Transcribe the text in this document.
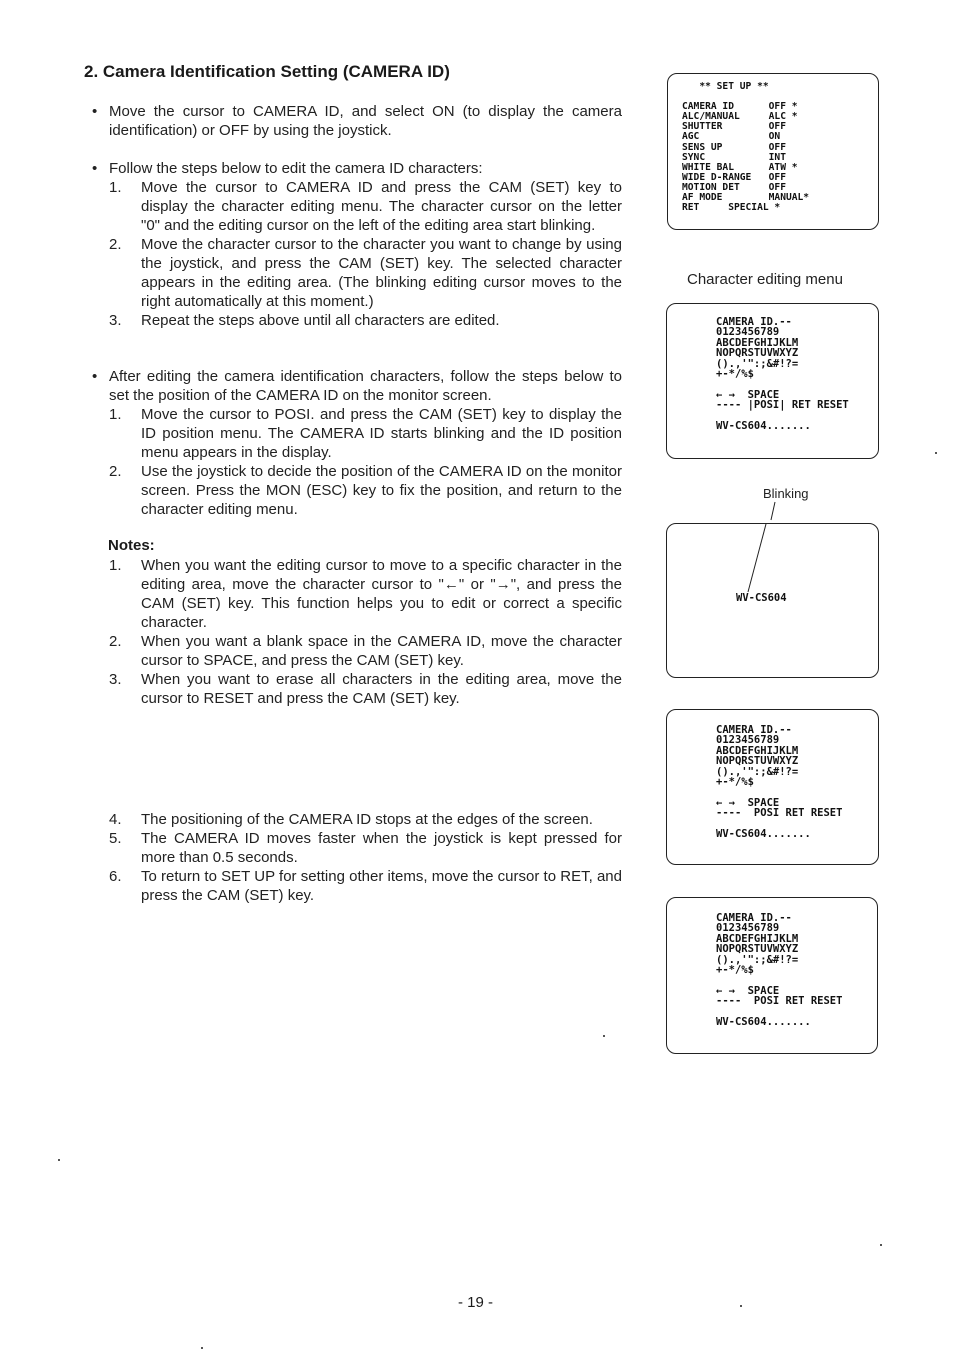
2. Camera Identification Setting (CAMERA ID)
• Move the cursor to CAMERA ID, and select ON (to display the camera identification) or OFF by using the joystick.
• Follow the steps below to edit the camera ID characters:
1.	Move the cursor to CAMERA ID and press the CAM (SET) key to display the character editing menu. The character cursor on the letter "0" and the editing cursor on the left of the editing area start blinking.
2.	Move the character cursor to the character you want to change by using the joystick, and press the CAM (SET) key. The selected character appears in the editing area. (The blinking editing cursor moves to the right automatically at this moment.)
3.	Repeat the steps above until all characters are edited.
• After editing the camera identification characters, follow the steps below to set the position of the CAMERA ID on the monitor screen.
1.	Move the cursor to POSI. and press the CAM (SET) key to display the ID position menu. The CAMERA ID starts blinking and the ID position menu appears in the display.
2.	Use the joystick to decide the position of the CAMERA ID on the monitor screen. Press the MON (ESC) key to fix the position, and return to the character editing menu.
Notes:
1.	When you want the editing cursor to move to a specific character in the editing area, move the character cursor to "←" or "→", and press the CAM (SET) key. This function helps you to edit or correct a specific character.
2.	When you want a blank space in the CAMERA ID, move the character cursor to SPACE, and press the CAM (SET) key.
3.	When you want to erase all characters in the editing area, move the cursor to RESET and press the CAM (SET) key.
4.	The positioning of the CAMERA ID stops at the edges of the screen.
5.	The CAMERA ID moves faster when the joystick is kept pressed for more than 0.5 seconds.
6.	To return to SET UP for setting other items, move the cursor to RET, and press the CAM (SET) key.
** SET UP **

CAMERA ID      OFF *
ALC/MANUAL     ALC *
SHUTTER        OFF
AGC            ON
SENS UP        OFF
SYNC           INT
WHITE BAL      ATW *
WIDE D-RANGE   OFF
MOTION DET     OFF
AF MODE        MANUAL*
RET     SPECIAL *
Character editing menu
CAMERA ID.--
0123456789
ABCDEFGHIJKLM
NOPQRSTUVWXYZ
().,'":;&#!?=
+-*/%$

← →  SPACE
---- |POSI| RET RESET

WV-CS604.......
Blinking
WV-CS604
CAMERA ID.--
0123456789
ABCDEFGHIJKLM
NOPQRSTUVWXYZ
().,'":;&#!?=
+-*/%$

← →  SPACE
----  POSI RET RESET

WV-CS604.......
CAMERA ID.--
0123456789
ABCDEFGHIJKLM
NOPQRSTUVWXYZ
().,'":;&#!?=
+-*/%$

← →  SPACE
----  POSI RET RESET

WV-CS604.......
- 19 -
